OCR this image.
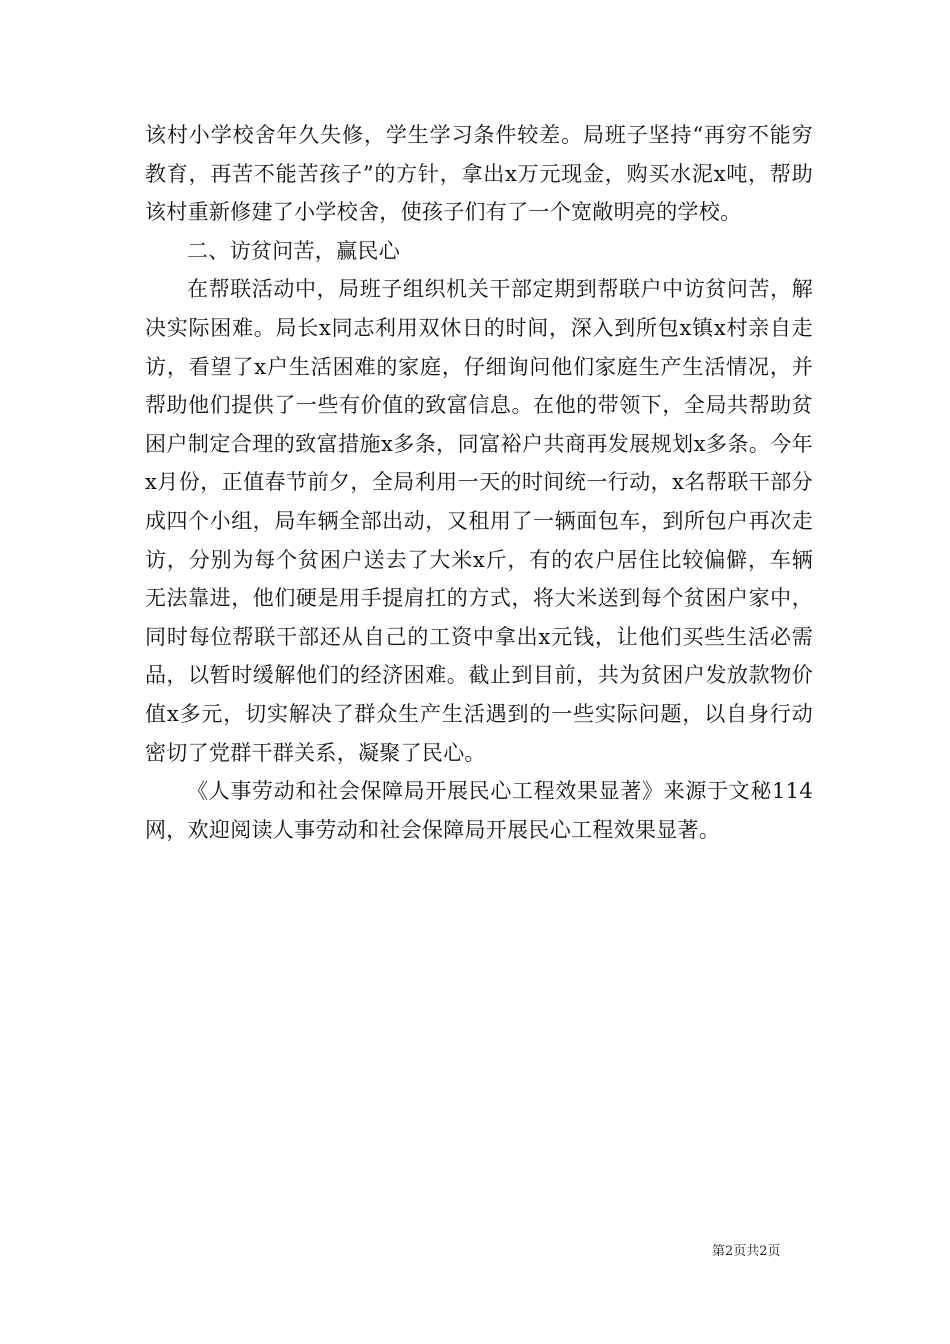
该村小学校舍年久失修，学生学习条件较差。局班子坚持“再穷不能穷教育，再苦不能苦孩子”的方针，拿出x万元现金，购买水泥x吨，帮助该村重新修建了小学校舍，使孩子们有了一个宽敞明亮的学校。

二、访贫问苦，赢民心

在帮联活动中，局班子组织机关干部定期到帮联户中访贫问苦，解决实际困难。局长x同志利用双休日的时间，深入到所包x镇x村亲自走访，看望了x户生活困难的家庭，仔细询问他们家庭生产生活情况，并帮助他们提供了一些有价值的致富信息。在他的带领下，全局共帮助贫困户制定合理的致富措施x多条，同富裕户共商再发展规划x多条。今年x月份，正值春节前夕，全局利用一天的时间统一行动，x名帮联干部分成四个小组，局车辆全部出动，又租用了一辆面包车，到所包户再次走访，分别为每个贫困户送去了大米x斤，有的农户居住比较偏僻，车辆无法靠进，他们硬是用手提肩扛的方式，将大米送到每个贫困户家中，同时每位帮联干部还从自己的工资中拿出x元钱，让他们买些生活必需品，以暂时缓解他们的经济困难。截止到目前，共为贫困户发放款物价值x多元，切实解决了群众生产生活遇到的一些实际问题，以自身行动密切了党群干群关系，凝聚了民心。

《人事劳动和社会保障局开展民心工程效果显著》来源于文秘114网，欢迎阅读人事劳动和社会保障局开展民心工程效果显著。

第2页共2页
